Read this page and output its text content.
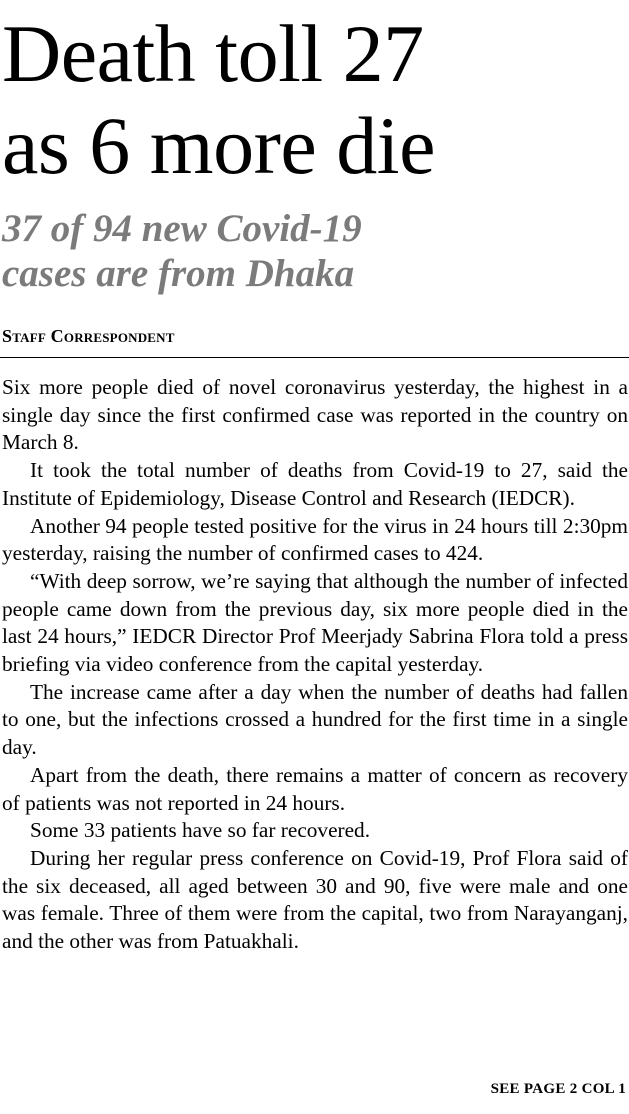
Death toll 27
as 6 more die
37 of 94 new Covid-19
cases are from Dhaka
Staff Correspondent

Six more people died of novel coronavirus yesterday, the highest in a single day since the first confirmed case was reported in the country on March 8.

It took the total number of deaths from Covid-19 to 27, said the Institute of Epidemiology, Disease Control and Research (IEDCR).

Another 94 people tested positive for the virus in 24 hours till 2:30pm yesterday, raising the number of confirmed cases to 424.

“With deep sorrow, we’re saying that although the number of infected people came down from the previous day, six more people died in the last 24 hours,” IEDCR Director Prof Meerjady Sabrina Flora told a press briefing via video conference from the capital yesterday.

The increase came after a day when the number of deaths had fallen to one, but the infections crossed a hundred for the first time in a single day.

Apart from the death, there remains a matter of concern as recovery of patients was not reported in 24 hours.

Some 33 patients have so far recovered.

During her regular press conference on Covid-19, Prof Flora said of the six deceased, all aged between 30 and 90, five were male and one was female. Three of them were from the capital, two from Narayanganj, and the other was from Patuakhali.

SEE PAGE 2 COL 1
